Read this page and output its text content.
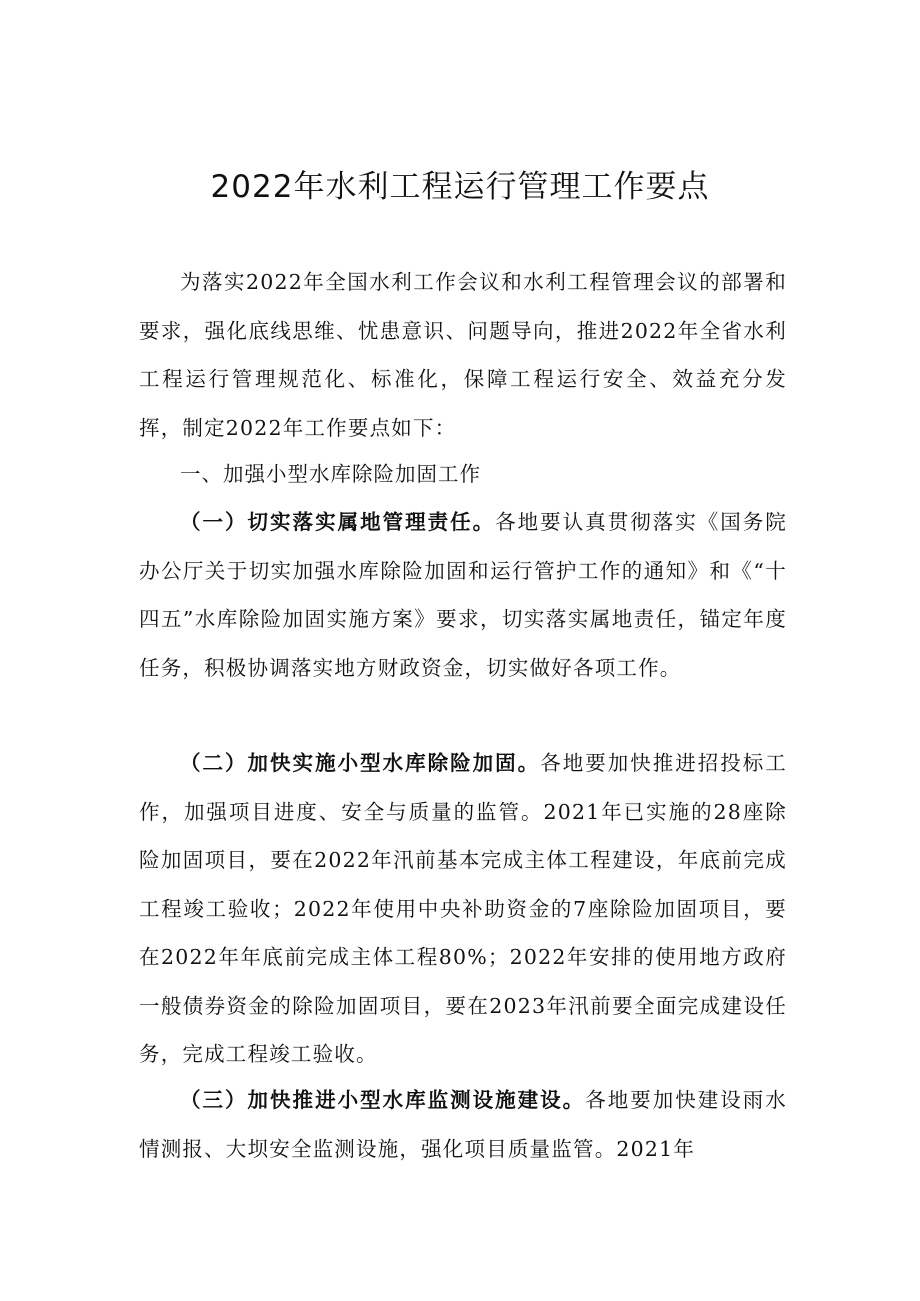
2022年水利工程运行管理工作要点

为落实2022年全国水利工作会议和水利工程管理会议的部署和要求，强化底线思维、忧患意识、问题导向，推进2022年全省水利工程运行管理规范化、标准化，保障工程运行安全、效益充分发挥，制定2022年工作要点如下：

一、加强小型水库除险加固工作

（一）切实落实属地管理责任。各地要认真贯彻落实《国务院办公厅关于切实加强水库除险加固和运行管护工作的通知》和《“十四五”水库除险加固实施方案》要求，切实落实属地责任，锚定年度任务，积极协调落实地方财政资金，切实做好各项工作。

（二）加快实施小型水库除险加固。各地要加快推进招投标工作，加强项目进度、安全与质量的监管。2021年已实施的28座除险加固项目，要在2022年汛前基本完成主体工程建设，年底前完成工程竣工验收；2022年使用中央补助资金的7座除险加固项目，要在2022年年底前完成主体工程80%；2022年安排的使用地方政府一般债券资金的除险加固项目，要在2023年汛前要全面完成建设任务，完成工程竣工验收。

（三）加快推进小型水库监测设施建设。各地要加快建设雨水情测报、大坝安全监测设施，强化项目质量监管。2021年
